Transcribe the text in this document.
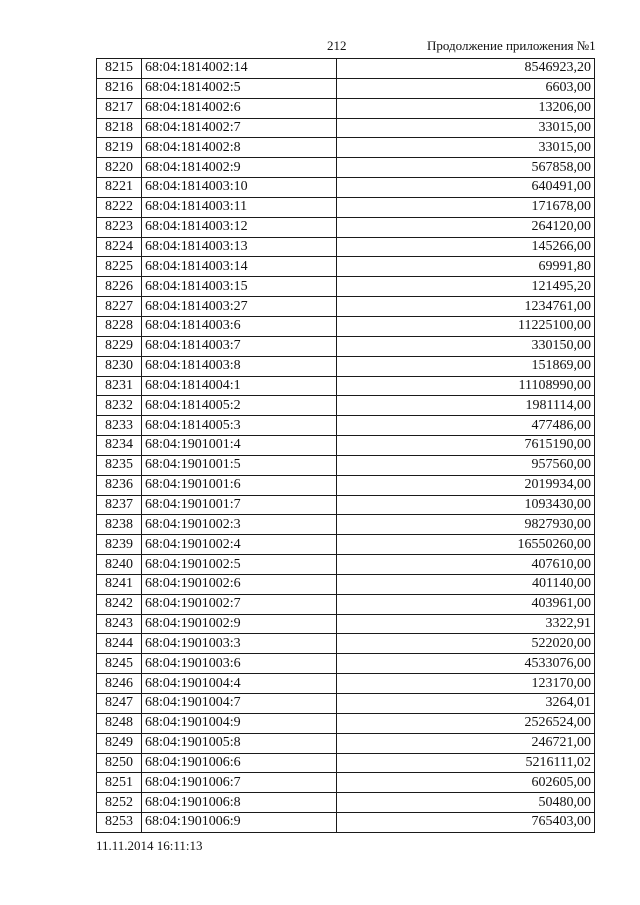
212	Продолжение приложения №1
8215	68:04:1814002:14	8546923,20
8216	68:04:1814002:5	6603,00
8217	68:04:1814002:6	13206,00
8218	68:04:1814002:7	33015,00
8219	68:04:1814002:8	33015,00
8220	68:04:1814002:9	567858,00
8221	68:04:1814003:10	640491,00
8222	68:04:1814003:11	171678,00
8223	68:04:1814003:12	264120,00
8224	68:04:1814003:13	145266,00
8225	68:04:1814003:14	69991,80
8226	68:04:1814003:15	121495,20
8227	68:04:1814003:27	1234761,00
8228	68:04:1814003:6	11225100,00
8229	68:04:1814003:7	330150,00
8230	68:04:1814003:8	151869,00
8231	68:04:1814004:1	11108990,00
8232	68:04:1814005:2	1981114,00
8233	68:04:1814005:3	477486,00
8234	68:04:1901001:4	7615190,00
8235	68:04:1901001:5	957560,00
8236	68:04:1901001:6	2019934,00
8237	68:04:1901001:7	1093430,00
8238	68:04:1901002:3	9827930,00
8239	68:04:1901002:4	16550260,00
8240	68:04:1901002:5	407610,00
8241	68:04:1901002:6	401140,00
8242	68:04:1901002:7	403961,00
8243	68:04:1901002:9	3322,91
8244	68:04:1901003:3	522020,00
8245	68:04:1901003:6	4533076,00
8246	68:04:1901004:4	123170,00
8247	68:04:1901004:7	3264,01
8248	68:04:1901004:9	2526524,00
8249	68:04:1901005:8	246721,00
8250	68:04:1901006:6	5216111,02
8251	68:04:1901006:7	602605,00
8252	68:04:1901006:8	50480,00
8253	68:04:1901006:9	765403,00
11.11.2014 16:11:13
